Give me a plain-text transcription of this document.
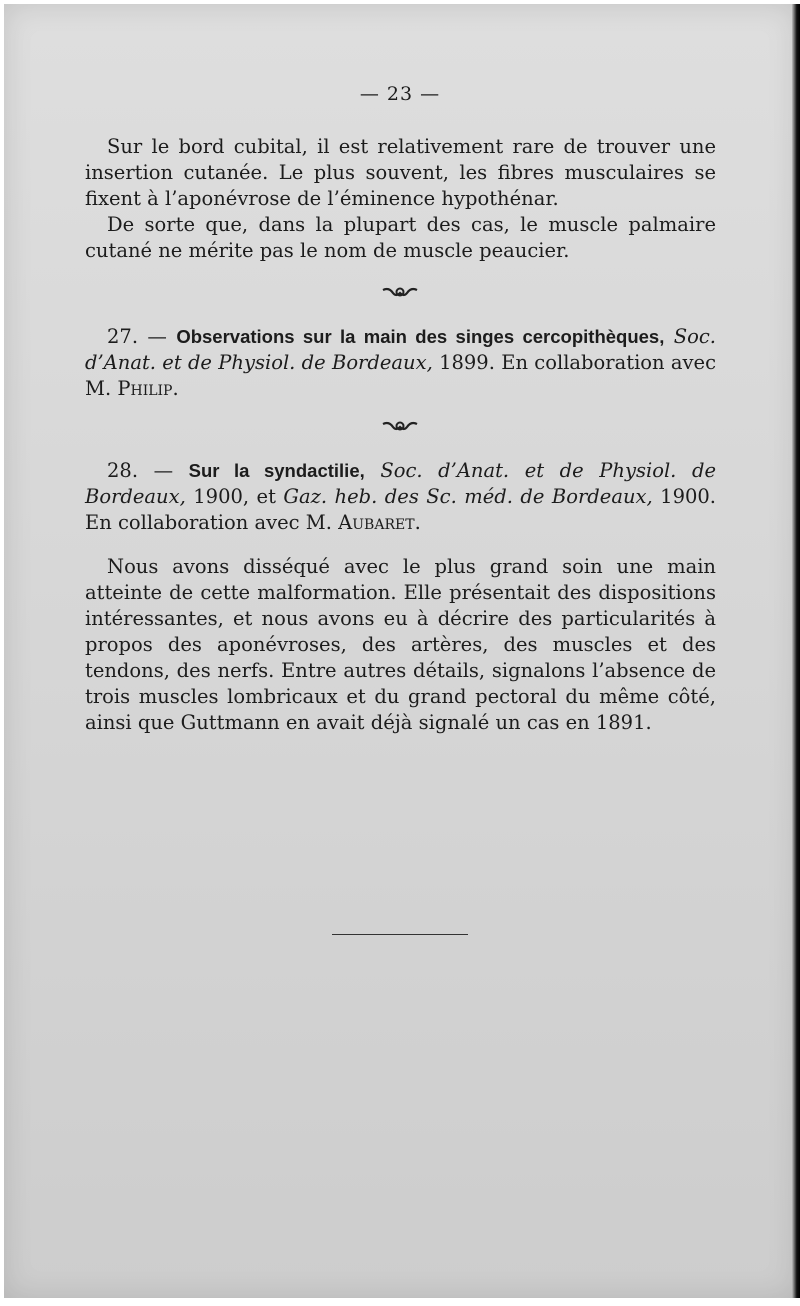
— 23 —

Sur le bord cubital, il est relativement rare de trouver une insertion cutanée. Le plus souvent, les fibres musculaires se fixent à l’aponévrose de l’éminence hypothénar.

De sorte que, dans la plupart des cas, le muscle palmaire cutané ne mérite pas le nom de muscle peaucier.

27. — Observations sur la main des singes cercopithèques, Soc. d’Anat. et de Physiol. de Bordeaux, 1899. En collaboration avec M. Philip.

28. — Sur la syndactilie, Soc. d’Anat. et de Physiol. de Bordeaux, 1900, et Gaz. heb. des Sc. méd. de Bordeaux, 1900. En collaboration avec M. Aubaret.

Nous avons disséqué avec le plus grand soin une main atteinte de cette malformation. Elle présentait des dispositions intéressantes, et nous avons eu à décrire des particularités à propos des aponévroses, des artères, des muscles et des tendons, des nerfs. Entre autres détails, signalons l’absence de trois muscles lombricaux et du grand pectoral du même côté, ainsi que Guttmann en avait déjà signalé un cas en 1891.
